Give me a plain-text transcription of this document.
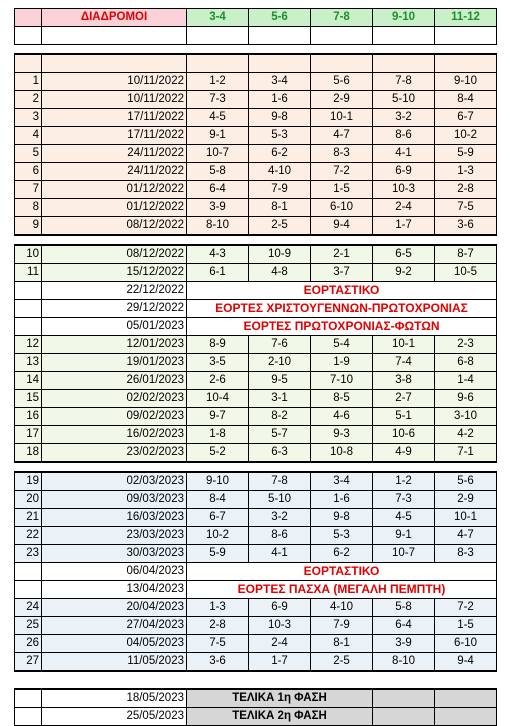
	ΔΙΑΔΡΟΜΟΙ	3-4	5-6	7-8	9-10	11-12

1	10/11/2022	1-2	3-4	5-6	7-8	9-10
2	10/11/2022	7-3	1-6	2-9	5-10	8-4
3	17/11/2022	4-5	9-8	10-1	3-2	6-7
4	17/11/2022	9-1	5-3	4-7	8-6	10-2
5	24/11/2022	10-7	6-2	8-3	4-1	5-9
6	24/11/2022	5-8	4-10	7-2	6-9	1-3
7	01/12/2022	6-4	7-9	1-5	10-3	2-8
8	01/12/2022	3-9	8-1	6-10	2-4	7-5
9	08/12/2022	8-10	2-5	9-4	1-7	3-6

10	08/12/2022	4-3	10-9	2-1	6-5	8-7
11	15/12/2022	6-1	4-8	3-7	9-2	10-5
	22/12/2022	ΕΟΡΤΑΣΤΙΚΟ				
	29/12/2022	ΕΟΡΤΕΣ ΧΡΙΣΤΟΥΓΕΝΝΩΝ-ΠΡΩΤΟΧΡΟΝΙΑΣ				
	05/01/2023	ΕΟΡΤΕΣ ΠΡΩΤΟΧΡΟΝΙΑΣ-ΦΩΤΩΝ				
12	12/01/2023	8-9	7-6	5-4	10-1	2-3
13	19/01/2023	3-5	2-10	1-9	7-4	6-8
14	26/01/2023	2-6	9-5	7-10	3-8	1-4
15	02/02/2023	10-4	3-1	8-5	2-7	9-6
16	09/02/2023	9-7	8-2	4-6	5-1	3-10
17	16/02/2023	1-8	5-7	9-3	10-6	4-2
18	23/02/2023	5-2	6-3	10-8	4-9	7-1

19	02/03/2023	9-10	7-8	3-4	1-2	5-6
20	09/03/2023	8-4	5-10	1-6	7-3	2-9
21	16/03/2023	6-7	3-2	9-8	4-5	10-1
22	23/03/2023	10-2	8-6	5-3	9-1	4-7
23	30/03/2023	5-9	4-1	6-2	10-7	8-3
	06/04/2023	ΕΟΡΤΑΣΤΙΚΟ				
	13/04/2023	ΕΟΡΤΕΣ ΠΑΣΧΑ (ΜΕΓΑΛΗ ΠΕΜΠΤΗ)				
24	20/04/2023	1-3	6-9	4-10	5-8	7-2
25	27/04/2023	2-8	10-3	7-9	6-4	1-5
26	04/05/2023	7-5	2-4	8-1	3-9	6-10
27	11/05/2023	3-6	1-7	2-5	8-10	9-4

	18/05/2023	ΤΕΛΙΚΑ 1η ΦΑΣΗ				
	25/05/2023	ΤΕΛΙΚΑ 2η ΦΑΣΗ				
